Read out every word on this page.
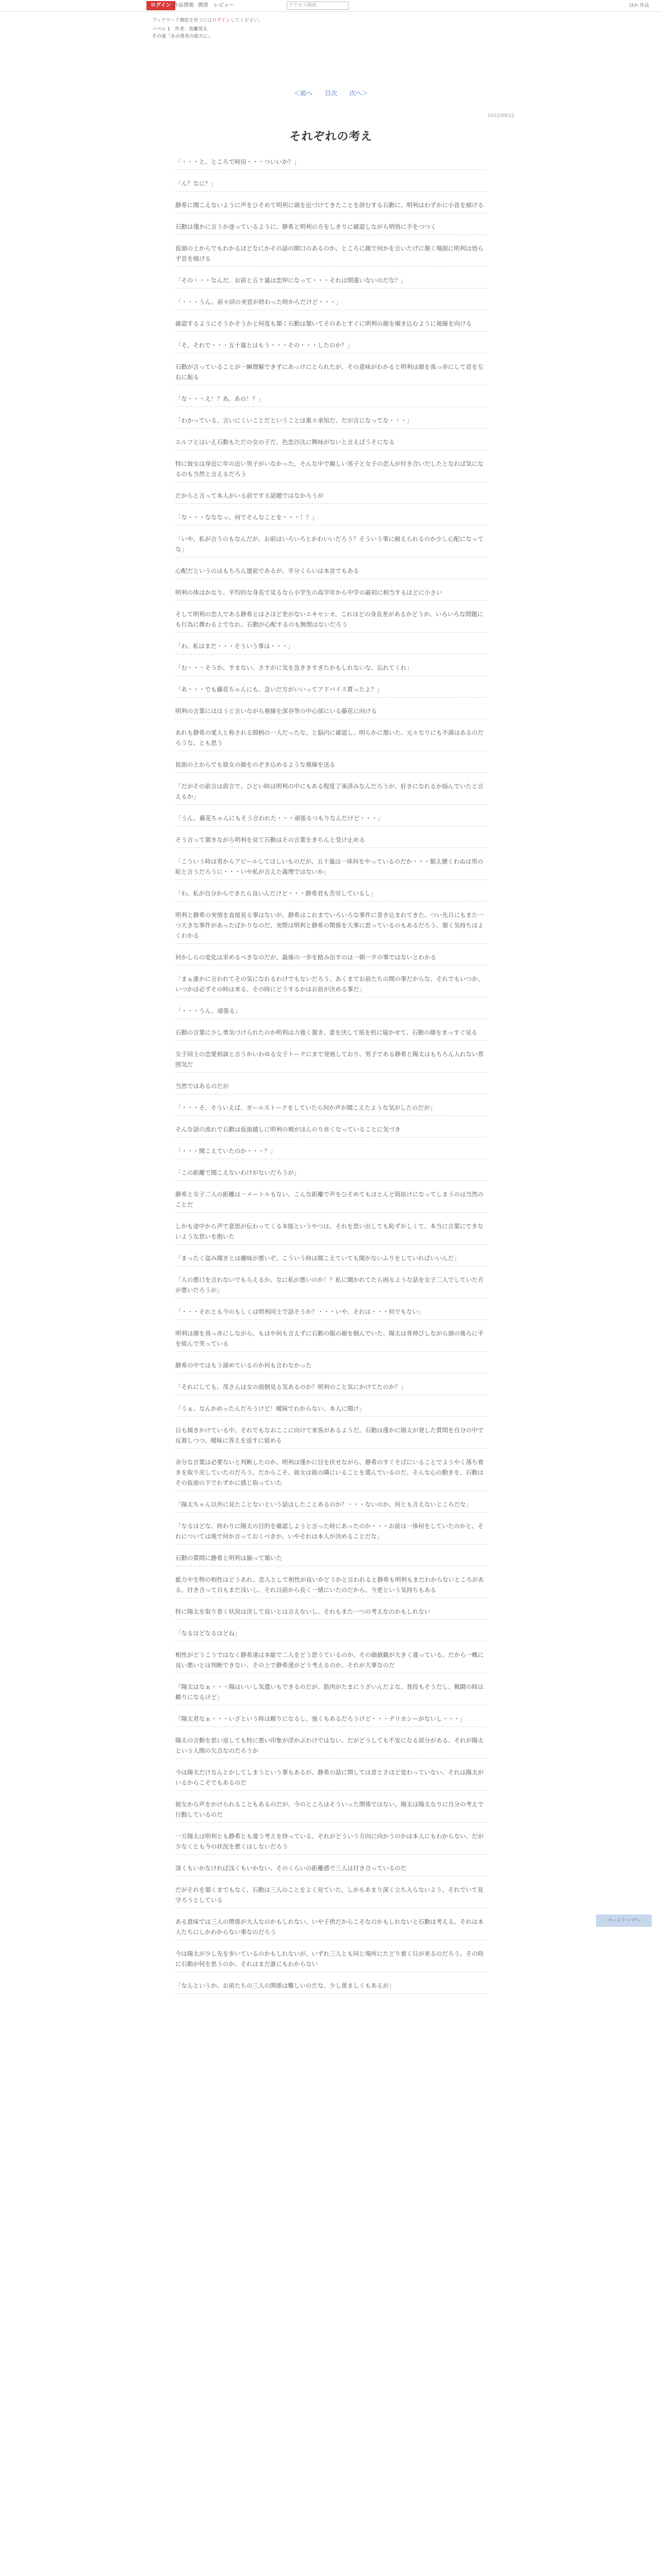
ログイン 作品情報 開票 レビュー	アクセス検索	ほか 作品
ブックマーク機能を使うにはログインしてください。
ノベル 1　作者：流離男太
その後「あの勇者の彼方に」
＜前へ 目次 次へ＞
2012/09/12
それぞれの考え

「・・・と、ところで時田・・・ついいか？」

「ん？なに？」

静希に聞こえないように声をひそめて明利に頭を近づけてきたことを訝むする石動に、明利はわずかに小首を傾げる

石動は僅かに言うか迷っているように、静希と明利の方をしきりに確認しながら明悟に手をつつく

仮面の上からでもわかるほどなにかその話の開口のあるのか、ところに顔で何かを言いたげに頷く場面に明利は悟らず首を傾げる

「その・・・なんだ、お前と五十嵐は恋仲になって・・・それは間違いないのだな？」

「・・・うん。前々回の実習が終わった時からだけど・・・」

確認するようにそうかそうかと何度も頷く石動は頷いてそのあとすぐに明利の顔を覗き込むように視線を向ける

「そ、それで・・・五十嵐とはもう・・・その・・・したのか？」

石動が言っていることが一瞬理解できずにあっけにとられたが、その意味がわかると明利は顔を真っ赤にして首を左右に振る

「な・・・え！？あ、あの！？」

「わかっている、言いにくいことだということは重々承知だ、だが言になってな・・・」

エルフとはいえ石動もただの女の子だ、色恋沙汰に興味がないと言えばうそになる

特に彼女は身近に年の近い男子がいなかった、そんな中で親しい男子と女子の恋人が付き合いだしたとなれば気になるのも当然と言えるだろう

だからと言って本人がいる前でする話題ではなかろうが

「な・・・なななっ、何でそんなことを・・・！？」

「いや、私が言うのもなんだが、お前はいろいろとかわいいだろう？そういう事に耐えられるのか少し心配になってな」

心配だというのはもちろん建前であるが、半分くらいは本音でもある

明利の体はかなり、平均的な身長で見るなら小学生の高学年から中学の最初に相当するほどに小さい

そして明利の恋人である静希とはさほど差がないエキセシオ、これほどの身長差があるかどうか、いろいろな問題にも行為に携わる上でなれ、石動が心配するのも無理はないだろう

「わ、私はまだ・・・そういう事は・・・」

「む・・・そうか、すまない、さすがに気を急ききすぎたかもしれないな、忘れてくれ」

「あ・・・でも藤花ちゃんにも、急いだ方がいいってアドバイス貰ったよ？」

明利の言葉にほほうと言いながら視線を深谷等の中心部にいる藤花に向ける

あれも静希の愛人と称される間柄の一人だったな、と脳内に確認し、明らかに頷いた、元々なりにも不満はあるのだろうな、とも思う

仮面の上からでも彼女の顔をのぞき込めるような視線を送る

「だがその前言は前言で、ひどい時は明利の中にもある程度了承済みなんだろうが、好きになれるか悩んでいたと言えるか」

「うん。藤花ちゃんにもそう言われた・・・頑張るつもりなんだけど・・・」

そう言って頷きながら明利を見て石動はその言葉をきちんと受け止める

「こういう時は男からアピールしてほしいものだが、五十嵐は一体何をやっているのだか・・・据え膳くわぬは男の恥と言うだろうに・・・いや私が言えた義理ではないか」

「わ、私が自分からできたら良いんだけど・・・静希君も苦労しているし」

明利と静希の実情を直接見る事はないが、静希はこれまでいろいろな事件に巻き込まれてきた、つい先日にもまた一つ大きな事件があったばかりなのだ、実際は明利と静希の関係を大事に思っているのもあるだろう、頷く気持ちはよくわかる

何かしらの変化は求めるべきなのだが、最後の一歩を踏み出すのは一朝一夕の事ではないとわかる

「まぁ誰かに言われてその気になれるわけでもないだろう、あくまでお前たちの間の事だからな、それでもいつか、いつかは必ずその時は来る、その時にどうするかはお前が決める事だ」

「・・・うん、頑張る」

石動の言葉に少し勇気づけられたのか明利は力強く頷き、意を決して紙を机に寝かせて、石動の顔をまっすぐ見る

女子同士の恋愛相談と言うかいわゆる女子トークにまで発展しており、男子である静希と陽太はもちろん入れない雰囲気だ

当然ではあるのだが

「・・・そ、そういえば、ガールズトークをしていたら何か声が聞こえたような気がしたのだが」

そんな話の流れで石動は仮面越しに明利の頬がほんのり赤くなっていることに気づき

「・・・聞こえていたのか・・・？」

「この距離で聞こえないわけがないだろうが」

静希と女子二人の距離は一メートルもない。こんな距離で声をひそめてもほとんど筒抜けになってしまうのは当然のことだ

しかも途中から声で意思が伝わってくる本能というやつは、それを思い出しても恥ずかしくて、本当に言葉にできないような思いを抱いた

「まったく盗み聞きとは趣味が悪いぞ、こういう時は聞こえていても聞かないふりをしていればいいんだ」

「人の悪口を言わないでもらえるか、なに私が悪いのか！？私に聞かれてたら困るような話を女子二人でしていた方が悪いだろうが」

「・・・それとも今のもしくは明利同士で話そうか？・・・いや、それは・・・何でもない」

明利は顔を真っ赤にしながら、もはや何も言えずに石動の服の裾を掴んでいた、陽太は背伸びしながら頭の後ろに手を組んで笑っている

静希の中ではもう諦めているのか何も言わなかった

「それにしても、茂さんは女の面倒見る気あるのか？明利のこと気にかけてたのか？」

「うぁ、なんかめったんだろうけど！曖昧でわからない、本人に聞け」

日も傾きかけている中、それでもなおここに向けて来客があるようだ。石動は僅かに陽太が発した質問を自分の中で反芻しつつ、曖昧に答えを返すに留める

余分な言葉は必要ないと判断したのか、明利は僅かに目を伏せながら、静希のすぐそばにいることでようやく落ち着きを取り戻していたのだろう。だからこそ、彼女は彼の隣にいることを選んでいるのだ。そんな心の動きを、石動はその仮面の下でわずかに感じ取っていた

「陽太ちゃん以外に見たことないという話はしたことあるのか？・・・ないのか、何とも言えないところだな」

「なるほどな、終わりに陽太の目的を確認しようと言った時にあったのか・・・お前は一体何をしていたのかと、それについては後で何か言っておくべきか、いやそれは本人が決めることだな」

石動の質問に静希と明利は揃って頷いた

藍力や生物の相性はどうあれ、恋人として相性が良いかどうかと言われると静希も明利もまだわからないところがある。付き合って日もまだ浅いし、それ以前から長く一緒にいたのだから、今更という気持ちもある

特に陽太を取り巻く状況は決して良いとは言えないし、それもまた一つの考えなのかもしれない

「なるほどなるほどね」

相性がどうこうではなく静希達は本能で二人をどう思うているのか、その価値観が大きく違っている。だから一概に良い悪いとは判断できない、その上で静希達がどう考えるのか、それが大事なのだ

「陽太はなぁ・・・陽はいいし気遣いもできるのだが、筋肉がたまにうざいんだよな、普段もそうだし、戦闘の時は頼りになるけど」

「陽太君なぁ・・・いざという時は頼りになるし、強くもあるだろうけど・・・デリカシーがないし・・・」

陽太の言動を思い返しても特に悪い印象が浮かぶわけではない、だがどうしても不安になる部分がある、それが陽太という人間の欠点なのだろうか

今は陽太だけなんとかしてしまうという事もあるが、静希の話に関しては昔とさほど変わっていない、それは陽太がいるからこそでもあるのだ

彼女から声をかけられることもあるのだが、今のところはそういった関係ではない。陽太は陽太なりに自分の考えで行動しているのだ

一方陽太は明利とも静希とも違う考えを持っている、それがどういう方向に向かうのかは本人にもわからない、だが少なくとも今の状況を悪くはしないだろう

深くもいかなければ浅くもいかない、そのくらいの距離感で三人は付き合っているのだ

だがそれを頷くまでもなく、石動は三人のことをよく見ていた。しかもあまり深く立ち入らないよう、それでいて見守ろうとしている

ある意味では三人の関係が大人なのかもしれない、いや子供だからこそなのかもしれないと石動は考える。それは本人たちにしかわからない事なのだろう

今は陽太が少し先を歩いているのかもしれないが、いずれ三人とも同じ場所にたどり着く日が来るのだろう。その時に石動が何を思うのか、それはまだ誰にもわからない

「なんというか、お前たちの三人の関係は難しいのだな、少し羨ましくもあるが」

ページトップへ
